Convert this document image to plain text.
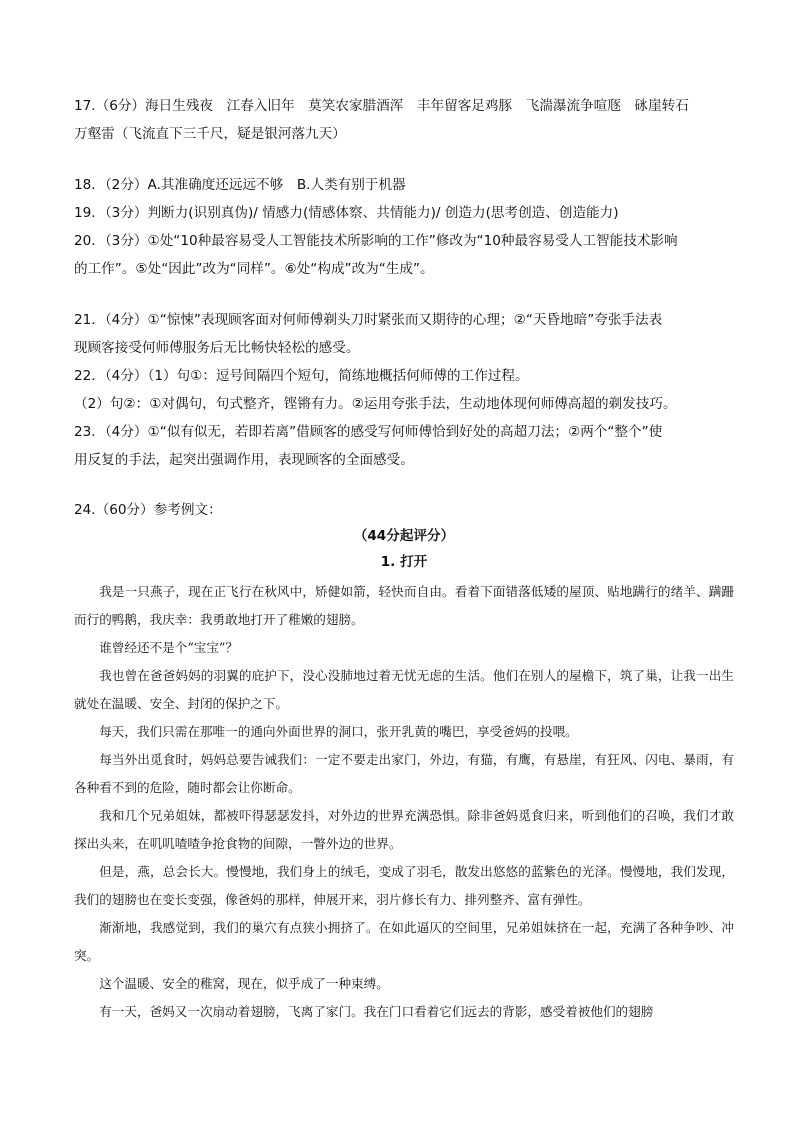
17.（6分）海日生残夜　江春入旧年　莫笑农家腊酒浑　丰年留客足鸡豚　飞湍瀑流争喧豗　砯崖转石

万壑雷（飞流直下三千尺，疑是银河落九天）

18．（2分）A.其准确度还远远不够　B.人类有别于机器

19．（3分）判断力(识别真伪)/ 情感力(情感体察、共情能力)/ 创造力(思考创造、创造能力)

20．（3分）①处“10种最容易受人工智能技术所影响的工作”修改为“10种最容易受人工智能技术影响

的工作”。⑤处“因此”改为“同样”。⑥处“构成”改为“生成”。

21．（4分）①“惊悚”表现顾客面对何师傅剃头刀时紧张而又期待的心理；②“天昏地暗”夸张手法表

现顾客接受何师傅服务后无比畅快轻松的感受。

22．（4分）（1）句①：逗号间隔四个短句，简练地概括何师傅的工作过程。

（2）句②：①对偶句，句式整齐，铿锵有力。②运用夸张手法，生动地体现何师傅高超的剃发技巧。

23．（4分）①“似有似无，若即若离”借顾客的感受写何师傅恰到好处的高超刀法；②两个“整个”使

用反复的手法，起突出强调作用，表现顾客的全面感受。

24.（60分）参考例文：

（44分起评分）

1. 打开

我是一只燕子，现在正飞行在秋风中，矫健如箭，轻快而自由。看着下面错落低矮的屋顶、贴地蹒行的绪羊、蹒跚而行的鸭鹅，我庆幸：我勇敢地打开了稚嫩的翅膀。

谁曾经还不是个“宝宝”？

我也曾在爸爸妈妈的羽翼的庇护下，没心没肺地过着无忧无虑的生活。他们在别人的屋檐下，筑了巢，让我一出生就处在温暖、安全、封闭的保护之下。

每天，我们只需在那唯一的通向外面世界的洞口，张开乳黄的嘴巴，享受爸妈的投喂。

每当外出觅食时，妈妈总要告诫我们：一定不要走出家门，外边，有猫，有鹰，有悬崖，有狂风、闪电、暴雨，有各种看不到的危险，随时都会让你断命。

我和几个兄弟姐妹，都被吓得瑟瑟发抖，对外边的世界充满恐惧。除非爸妈觅食归来，听到他们的召唤，我们才敢探出头来，在叽叽喳喳争抢食物的间隙，一瞥外边的世界。

但是，燕，总会长大。慢慢地，我们身上的绒毛，变成了羽毛，散发出悠悠的蓝紫色的光泽。慢慢地，我们发现，我们的翅膀也在变长变强，像爸妈的那样，伸展开来，羽片修长有力、排列整齐、富有弹性。

渐渐地，我感觉到，我们的巢穴有点狭小拥挤了。在如此逼仄的空间里，兄弟姐妹挤在一起，充满了各种争吵、冲突。

这个温暖、安全的稚窝，现在，似乎成了一种束缚。

有一天，爸妈又一次扇动着翅膀，飞离了家门。我在门口看着它们远去的背影，感受着被他们的翅膀
